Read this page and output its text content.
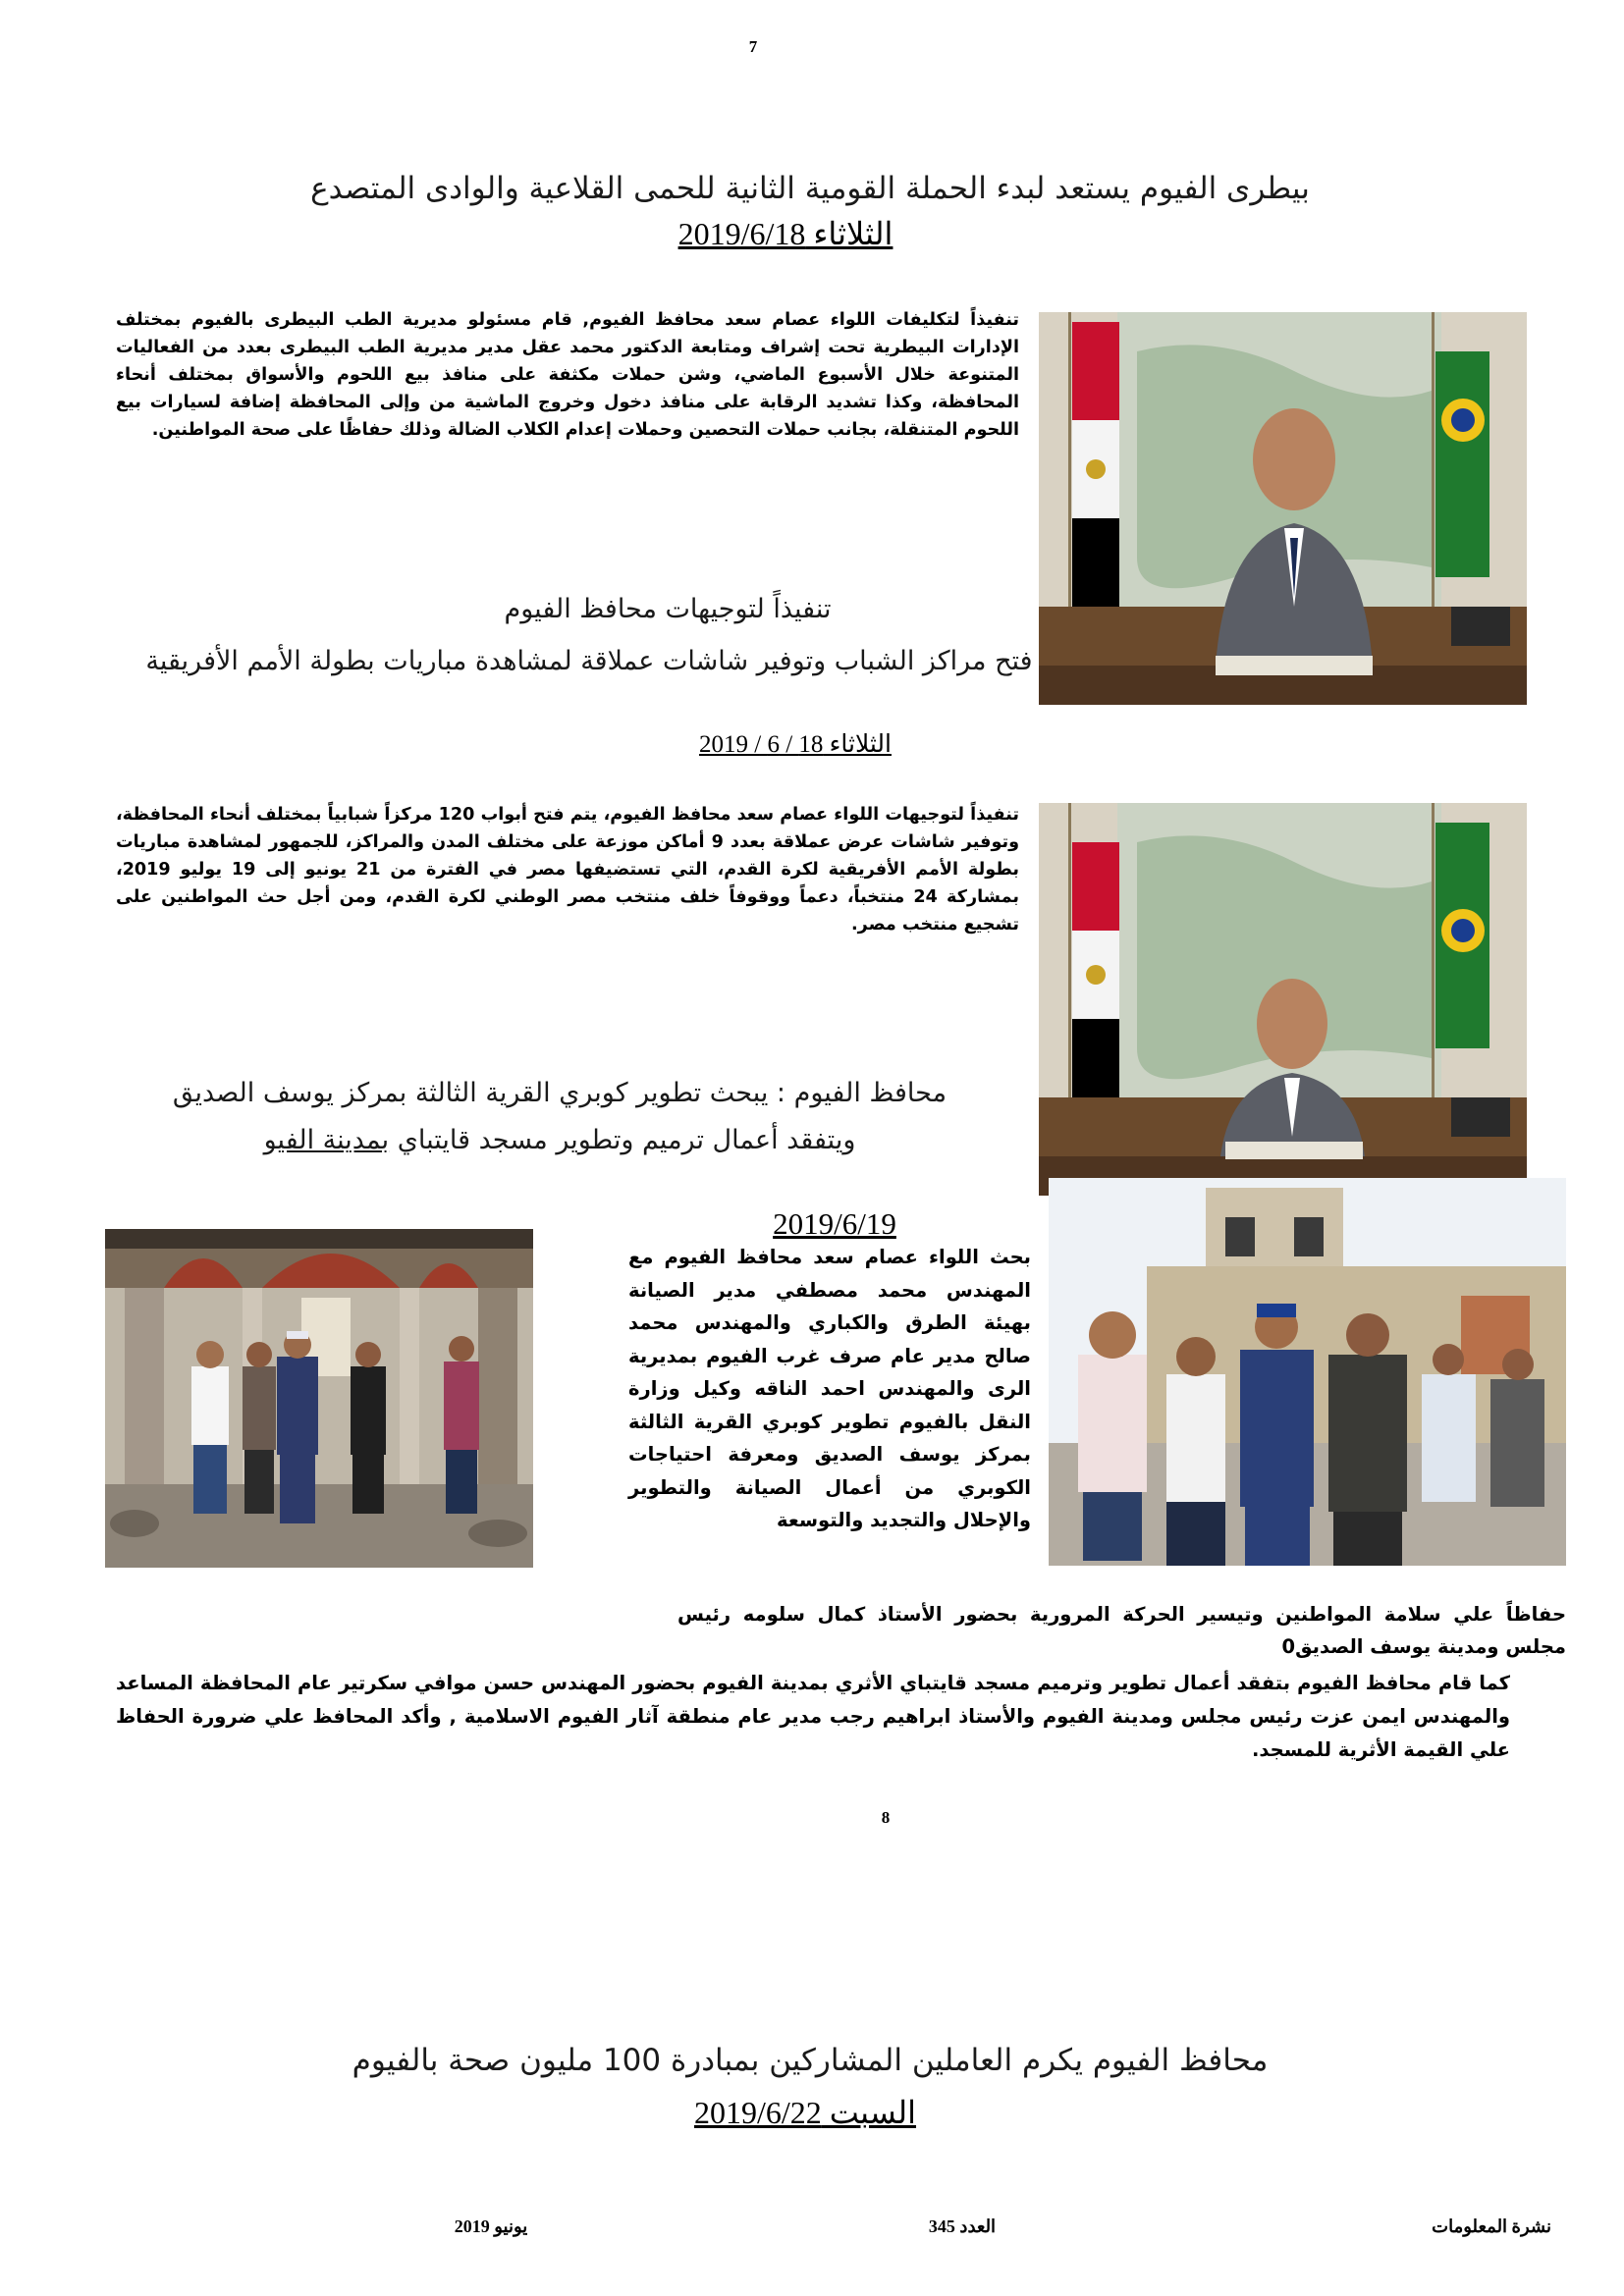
7
بيطرى الفيوم يستعد لبدء الحملة القومية الثانية للحمى القلاعية والوادى المتصدع
الثلاثاء 2019/6/18
تنفيذاً لتكليفات اللواء عصام سعد محافظ الفيوم, قام مسئولو مديرية الطب البيطرى بالفيوم بمختلف الإدارات البيطرية تحت إشراف ومتابعة الدكتور محمد عقل مدير مديرية الطب البيطرى بعدد من الفعاليات المتنوعة خلال الأسبوع الماضي، وشن حملات مكثفة على منافذ بيع اللحوم والأسواق بمختلف أنحاء المحافظة، وكذا تشديد الرقابة على منافذ دخول وخروج الماشية من وإلى المحافظة إضافة لسيارات بيع اللحوم المتنقلة، بجانب حملات التحصين وحملات إعدام الكلاب الضالة وذلك حفاظًا على صحة المواطنين.
تنفيذاً لتوجيهات محافظ الفيوم
فتح مراكز الشباب وتوفير شاشات عملاقة لمشاهدة مباريات بطولة الأمم الأفريقية
الثلاثاء 18 / 6 / 2019
تنفيذاً لتوجيهات اللواء عصام سعد محافظ الفيوم، يتم فتح أبواب 120 مركزاً شبابياً بمختلف أنحاء المحافظة، وتوفير شاشات عرض عملاقة بعدد 9 أماكن موزعة على مختلف المدن والمراكز، للجمهور لمشاهدة مباريات بطولة الأمم الأفريقية لكرة القدم، التي تستضيفها مصر في الفترة من 21 يونيو إلى 19 يوليو 2019، بمشاركة 24 منتخباً، دعماً ووقوفاً خلف منتخب مصر الوطني لكرة القدم، ومن أجل حث المواطنين على تشجيع منتخب مصر.
محافظ الفيوم : يبحث تطوير كوبري القرية الثالثة بمركز يوسف الصديق ويتفقد أعمال ترميم وتطوير مسجد قايتباي بمدينة الفيو
2019/6/19
بحث اللواء عصام سعد محافظ الفيوم مع المهندس محمد مصطفي مدير الصيانة بهيئة الطرق والكباري والمهندس محمد صالح مدير عام صرف غرب الفيوم بمديرية الرى والمهندس احمد الناقه وكيل وزارة النقل بالفيوم تطوير كوبري القرية الثالثة بمركز يوسف الصديق ومعرفة احتياجات الكوبري من أعمال الصيانة والتطوير والإحلال والتجديد والتوسعة
حفاظاً علي سلامة المواطنين وتيسير الحركة المرورية بحضور الأستاذ كمال سلومه رئيس مجلس ومدينة يوسف الصديق0
كما قام محافظ الفيوم بتفقد أعمال تطوير وترميم مسجد قايتباي الأثري بمدينة الفيوم بحضور المهندس حسن موافي سكرتير عام المحافظة المساعد والمهندس ايمن عزت رئيس مجلس ومدينة الفيوم والأستاذ ابراهيم رجب مدير عام منطقة آثار الفيوم الاسلامية , وأكد المحافظ علي ضرورة الحفاظ علي القيمة الأثرية للمسجد.
8
محافظ الفيوم يكرم العاملين المشاركين بمبادرة 100 مليون صحة بالفيوم
السبت 2019/6/22
نشرة المعلومات
العدد 345
يونيو 2019
